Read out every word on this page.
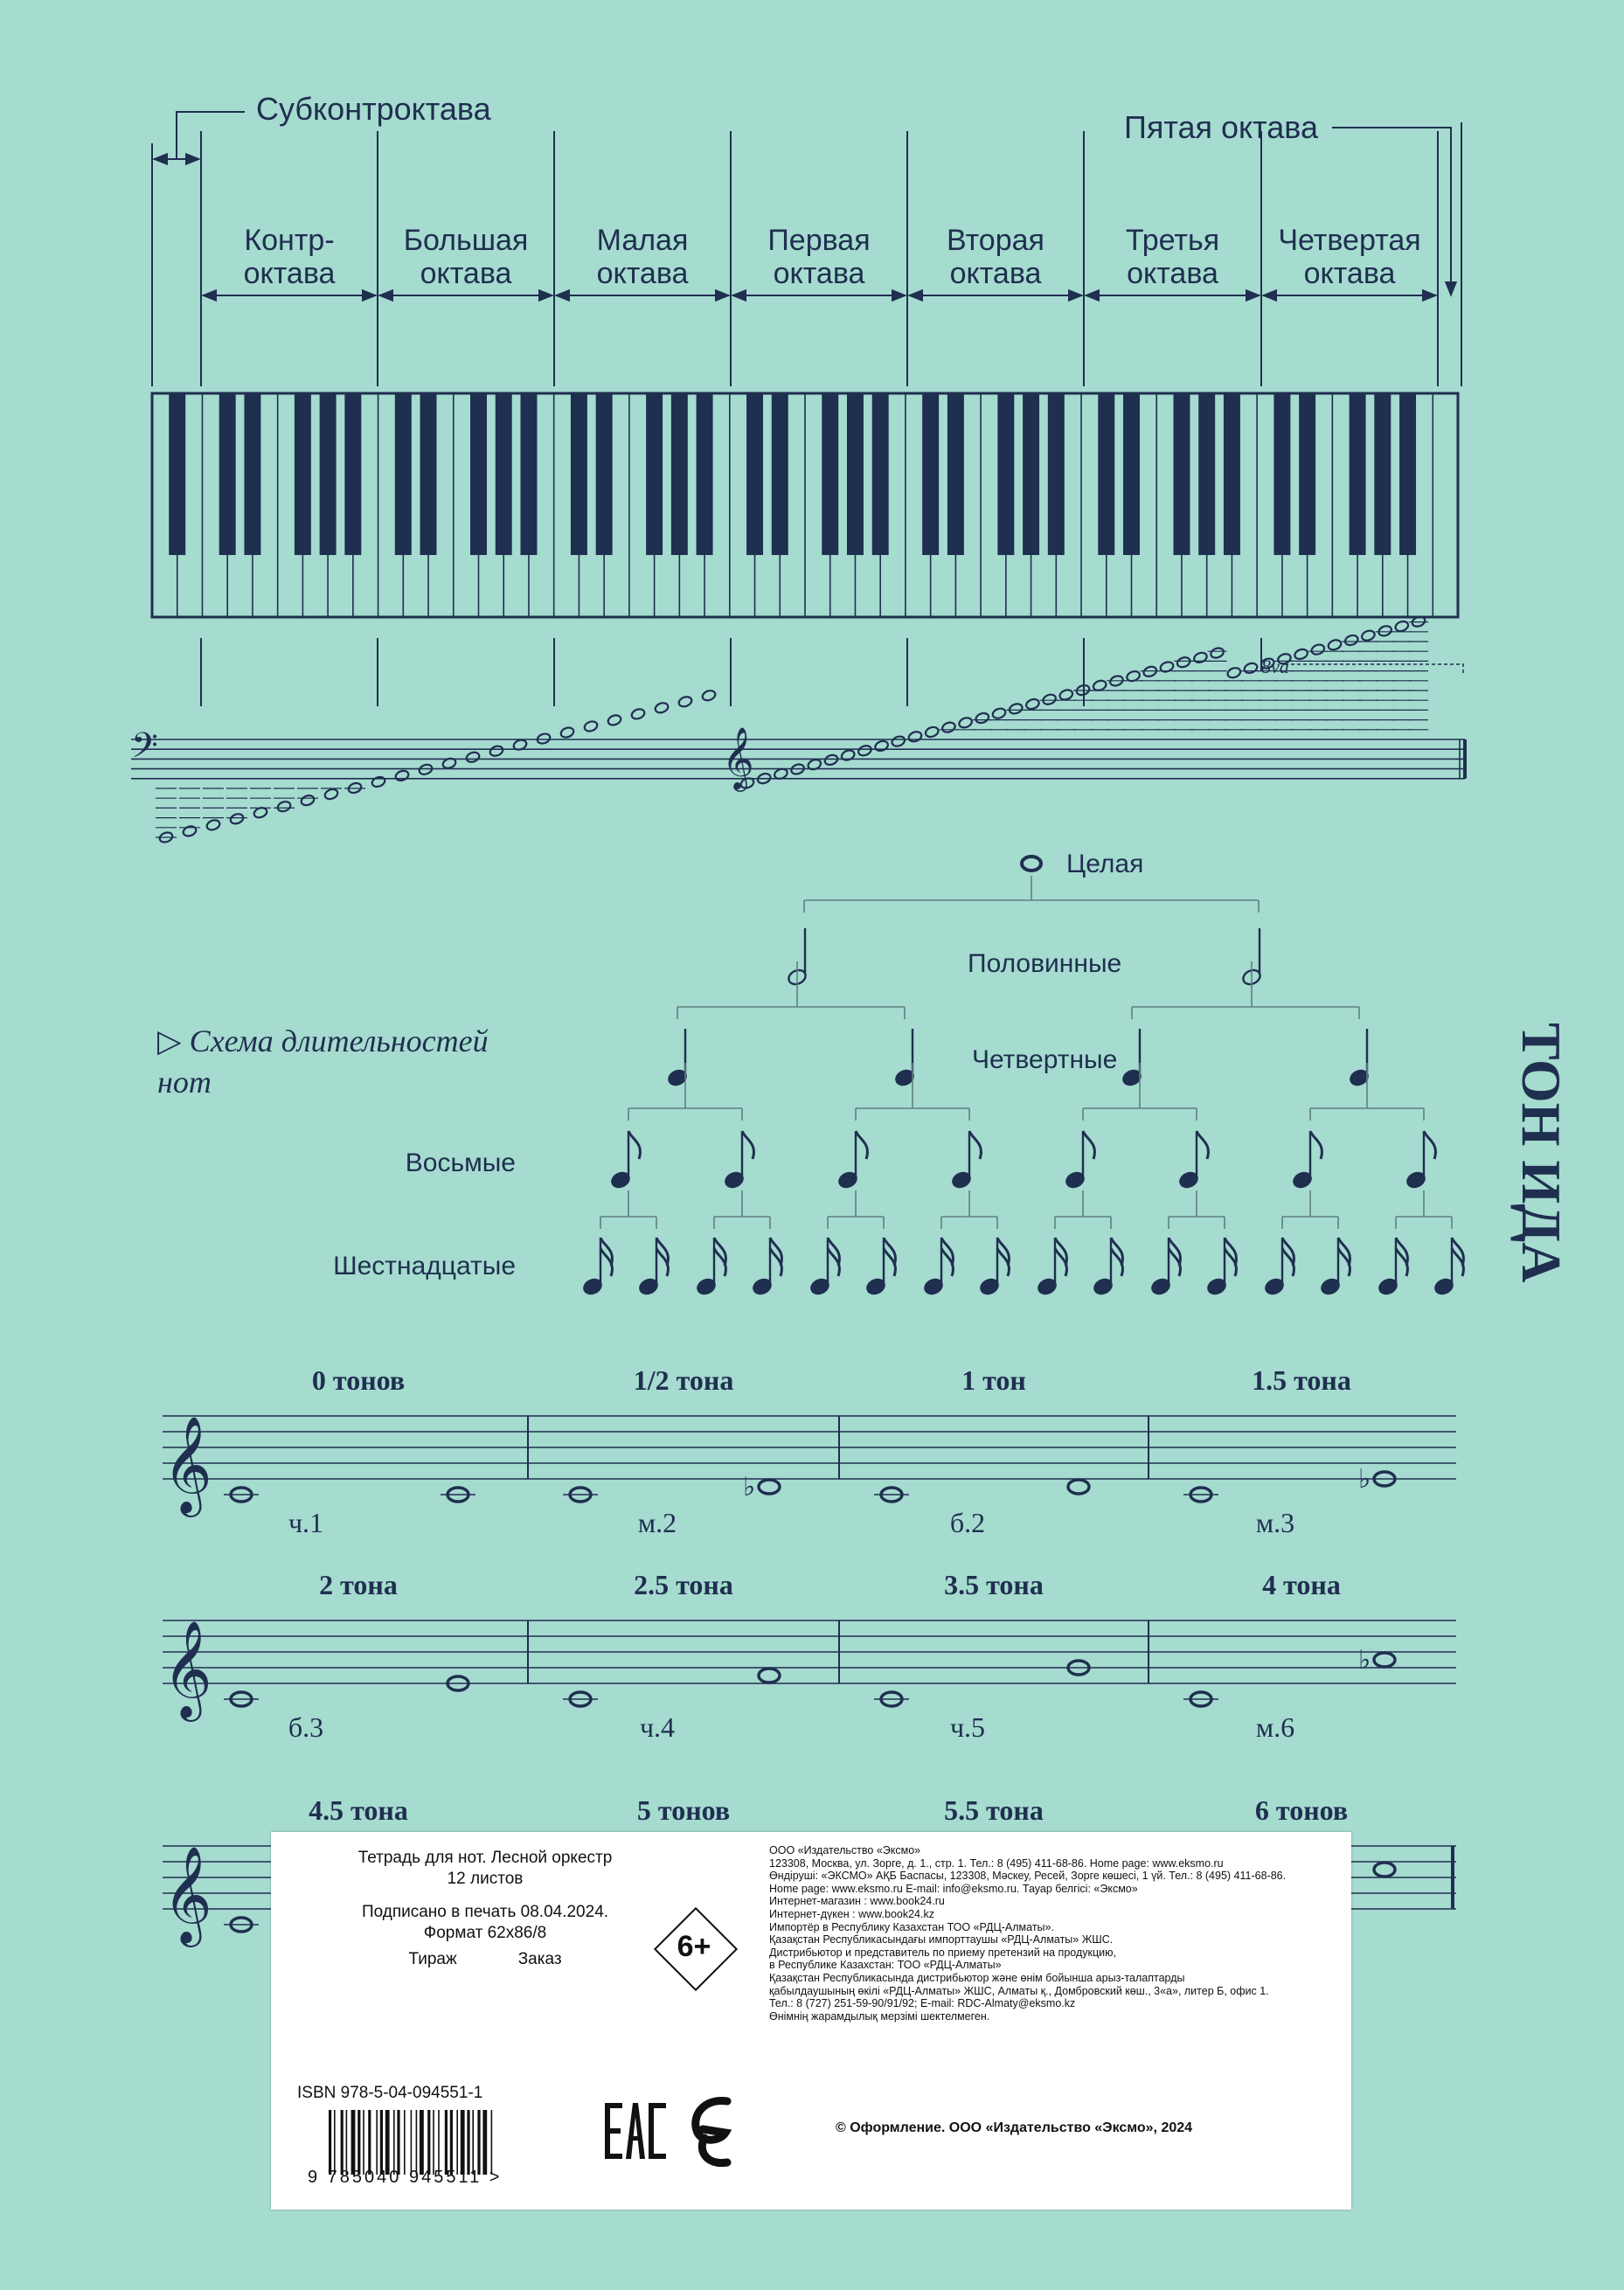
Субконтроктава
Пятая октава
Контр-
октава
Большая
октава
Малая
октава
Первая
октава
Вторая
октава
Третья
октава
Четвертая
октава
𝄢	𝄞
8va
Целая
Половинные
Четвертные
Восьмые
Шестнадцатые
▷ Схема длительностей
нот
𝄞
0 тонов
ч.1
1/2 тона
м.2
♭
1 тон
б.2
1.5 тона
м.3
♭
𝄞
2 тона
б.3
2.5 тона
ч.4
3.5 тона
ч.5
4 тона
м.6
♭
𝄞
4.5 тона	5 тонов	5.5 тона	6 тонов
ТОН ИДА
Тетрадь для нот. Лесной оркестр
12 листов
Подписано в печать 08.04.2024.
Формат 62х86/8
Тираж	Заказ	6+
ООО «Издательство «Эксмо»
123308, Москва, ул. Зорге, д. 1., стр. 1. Тел.: 8 (495) 411-68-86. Home page: www.eksmo.ru
Өндіруші: «ЭКСМО» АҚБ Баспасы, 123308, Мәскеу, Ресей, Зорге көшесі, 1 үй. Тел.: 8 (495) 411-68-86.
Home page: www.eksmo.ru E-mail: info@eksmo.ru. Тауар белгісі: «Эксмо»
Интернет-магазин : www.book24.ru
Интернет-дүкен : www.book24.kz
Импортёр в Республику Казахстан ТОО «РДЦ-Алматы».
Қазақстан Республикасындағы импорттаушы «РДЦ-Алматы» ЖШС.
Дистрибьютор и представитель по приему претензий на продукцию,
в Республике Казахстан: ТОО «РДЦ-Алматы»
Қазақстан Республикасында дистрибьютор және өнім бойынша арыз-талаптарды
қабылдаушының өкілі «РДЦ-Алматы» ЖШС, Алматы қ., Домбровский көш., 3«а», литер Б, офис 1.
Тел.: 8 (727) 251-59-90/91/92; E-mail: RDC-Almaty@eksmo.kz
Өнімнің жарамдылық мерзімі шектелмеген.
ISBN 978-5-04-094551-1
9 785040 945511 >
© Оформление. ООО «Издательство «Эксмо», 2024
